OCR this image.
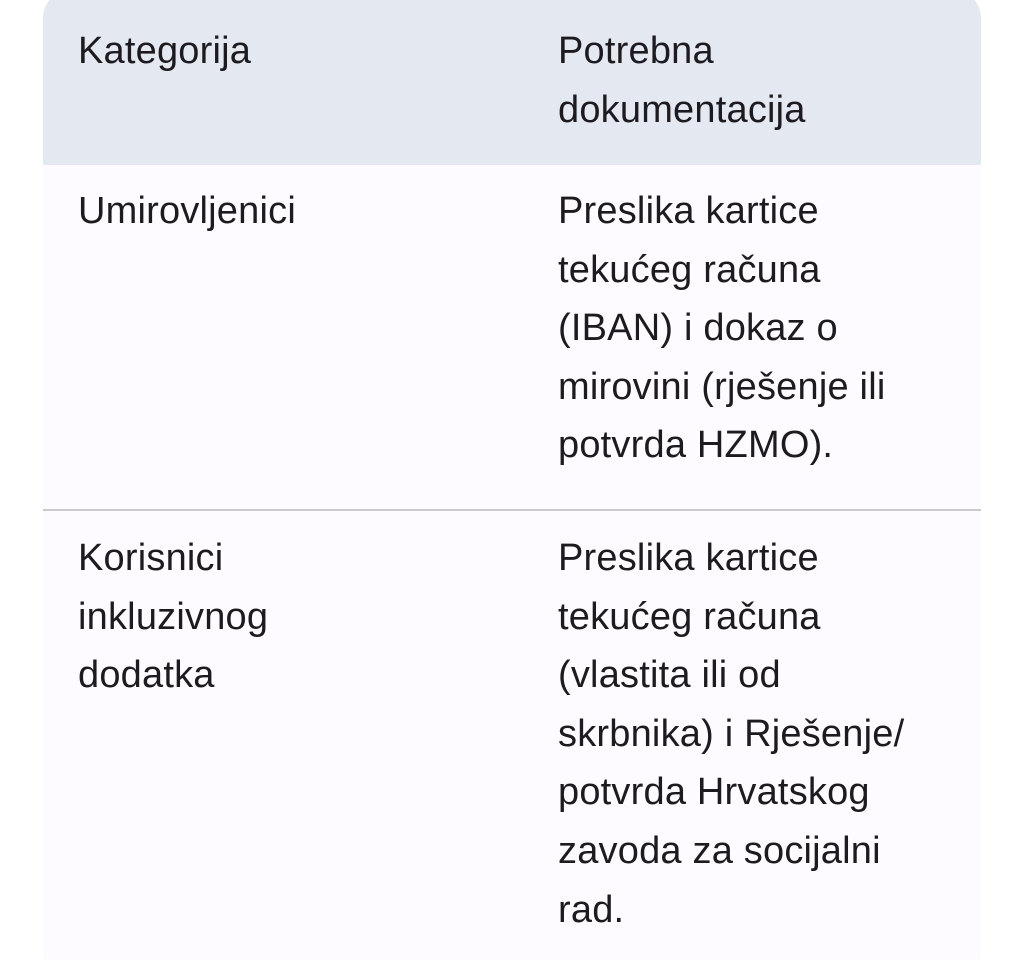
Kategorija	Potrebna
dokumentacija

Umirovljenici	Preslika kartice
tekućeg računa
(IBAN) i dokaz o
mirovini (rješenje ili
potvrda HZMO).

Korisnici
inkluzivnog
dodatka

Preslika kartice
tekućeg računa
(vlastita ili od
skrbnika) i Rješenje/
potvrda Hrvatskog
zavoda za socijalni
rad.
